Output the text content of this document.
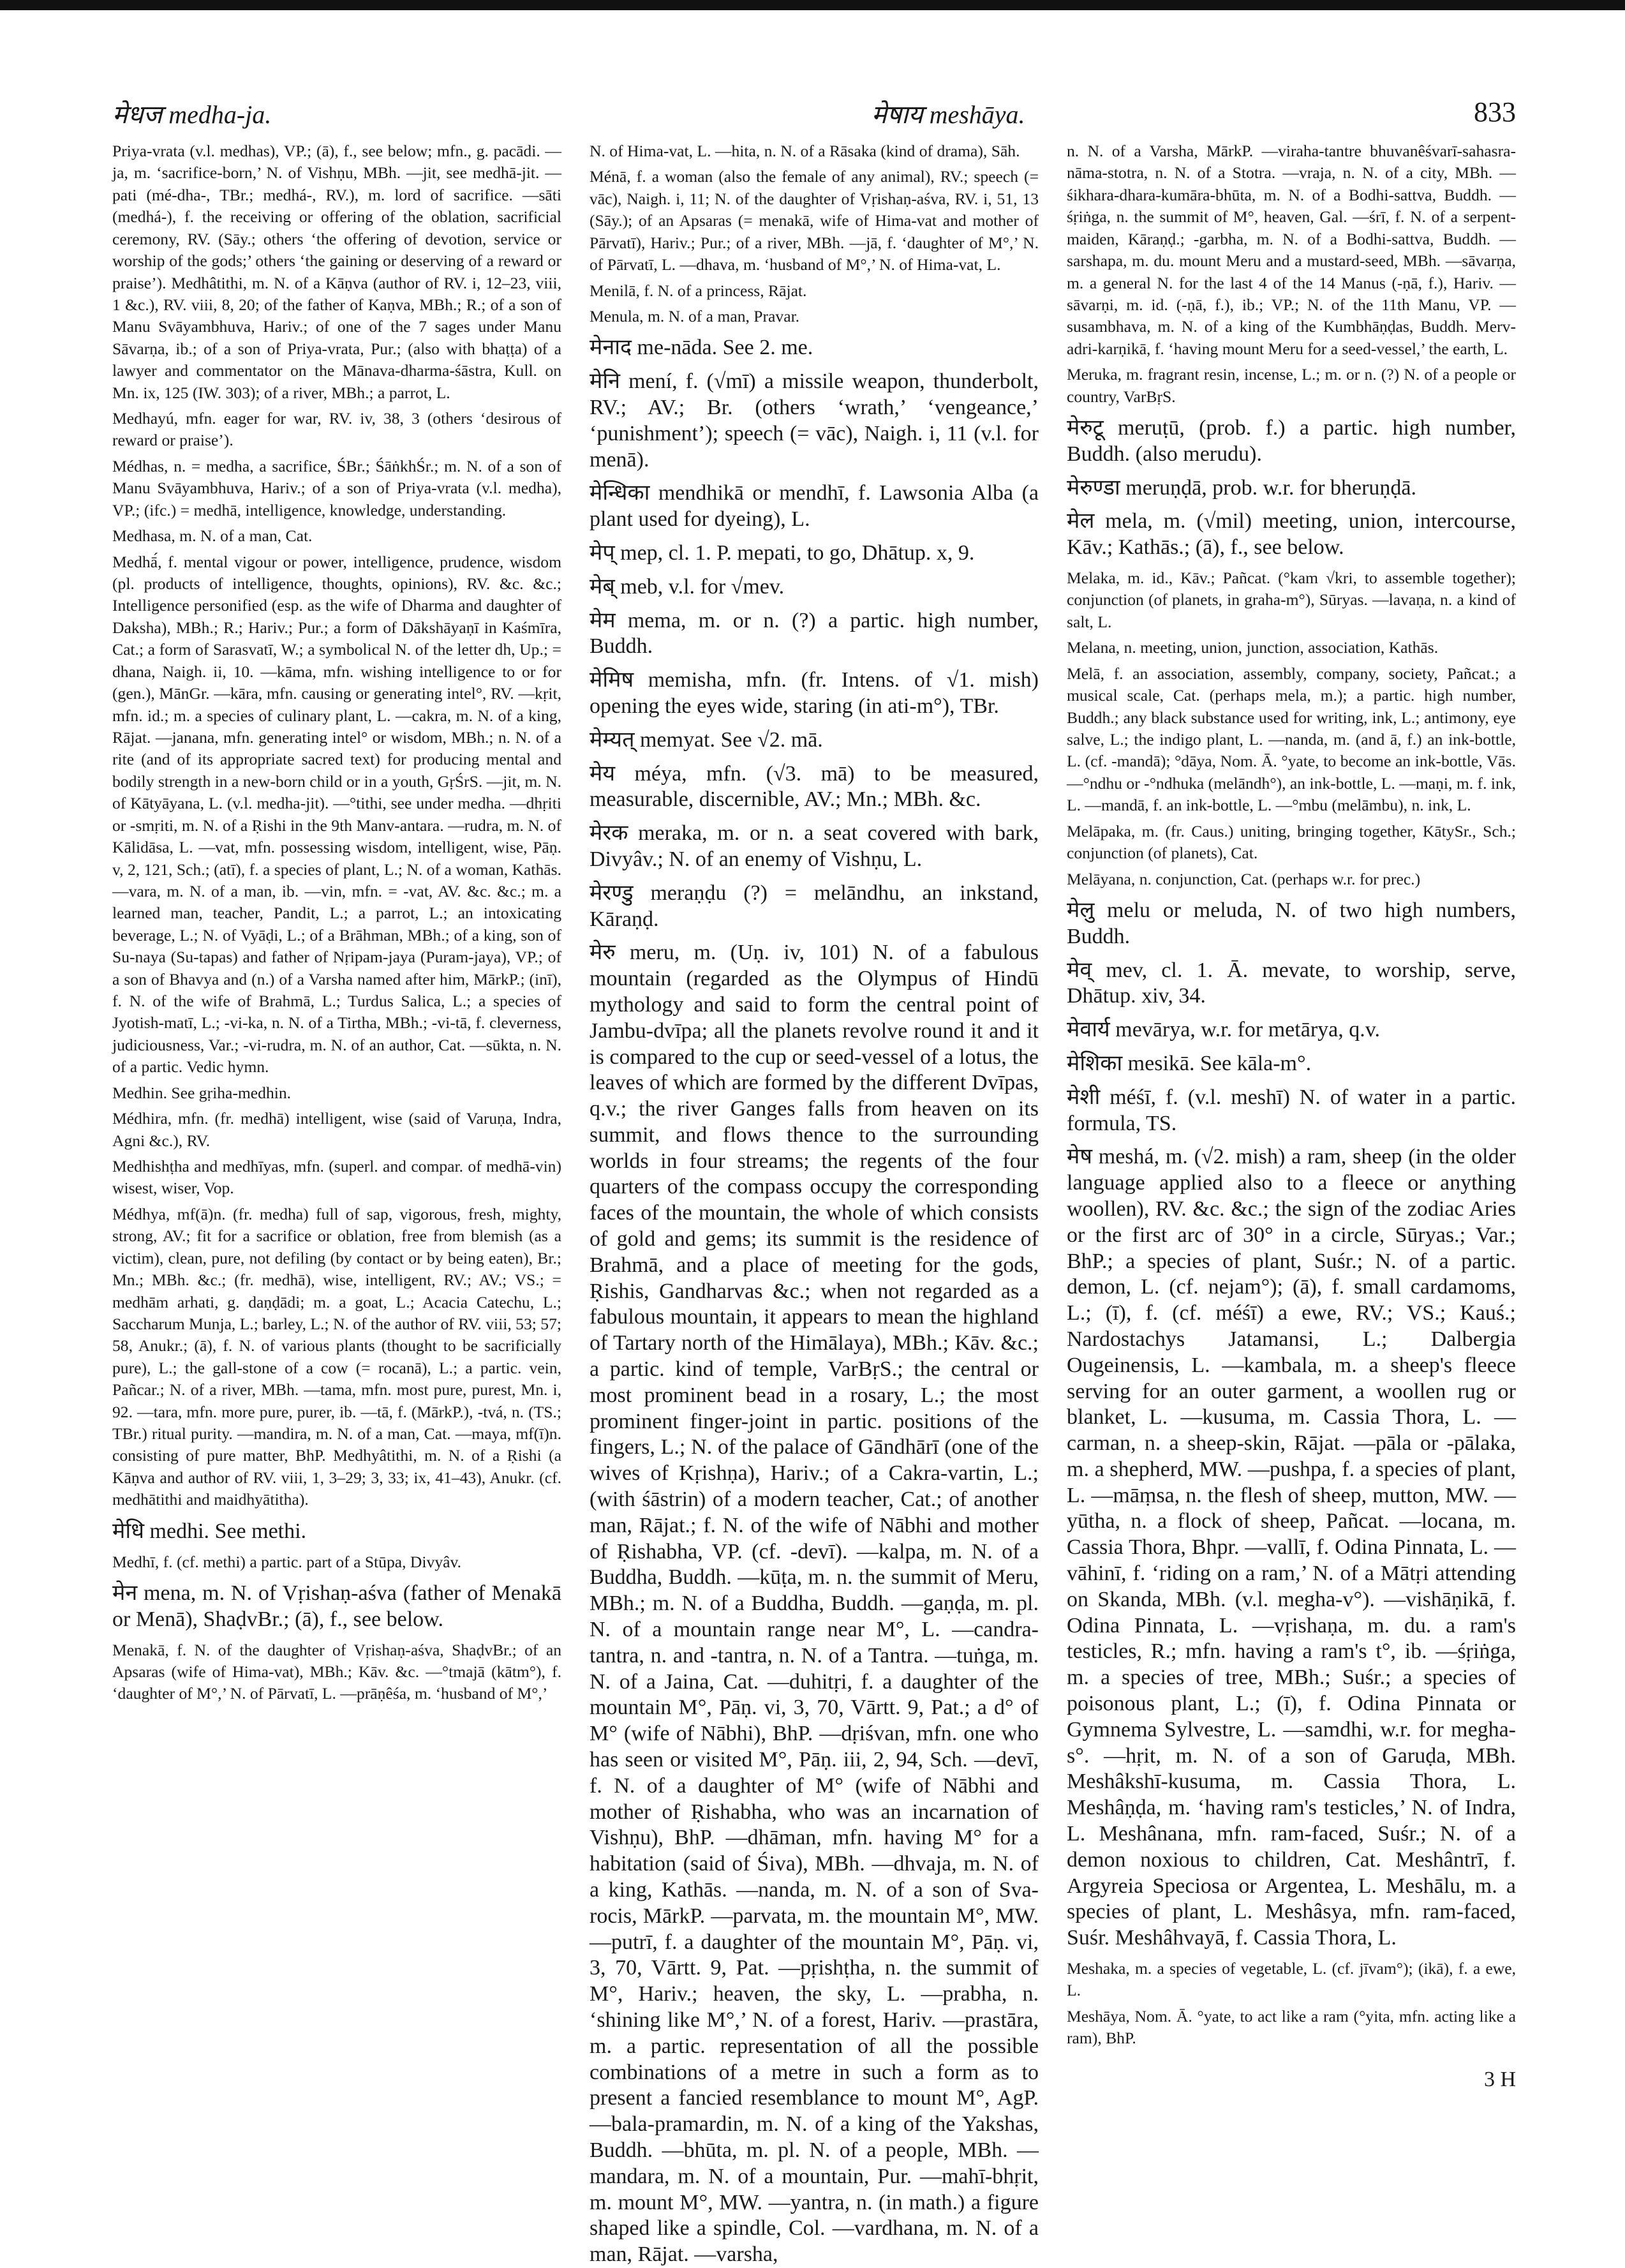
मेधज medha-ja.	मेषाय meshāya.	833

Priya-vrata (v.l. medhas), VP.; (ā), f., see below; mfn., g. pacādi. —ja, m. ‘sacrifice-born,’ N. of Vishṇu, MBh. —jit, see medhā-jit. —pati (mé-dha-, TBr.; medhá-, RV.), m. lord of sacrifice. —sāti (medhá-), f. the receiving or offering of the oblation, sacrificial ceremony, RV. (Sāy.; others ‘the offering of devotion, service or worship of the gods;’ others ‘the gaining or deserving of a reward or praise’). Medhâtithi, m. N. of a Kāṇva (author of RV. i, 12–23, viii, 1 &c.), RV. viii, 8, 20; of the father of Kaṇva, MBh.; R.; of a son of Manu Svāyambhuva, Hariv.; of one of the 7 sages under Manu Sāvarṇa, ib.; of a son of Priya-vrata, Pur.; (also with bhaṭṭa) of a lawyer and commentator on the Mānava-dharma-śāstra, Kull. on Mn. ix, 125 (IW. 303); of a river, MBh.; a parrot, L.

Medhayú, mfn. eager for war, RV. iv, 38, 3 (others ‘desirous of reward or praise’).

Médhas, n. = medha, a sacrifice, ŚBr.; ŚāṅkhŚr.; m. N. of a son of Manu Svāyambhuva, Hariv.; of a son of Priya-vrata (v.l. medha), VP.; (ifc.) = medhā, intelligence, knowledge, understanding.

Medhasa, m. N. of a man, Cat.

Medhā́, f. mental vigour or power, intelligence, prudence, wisdom (pl. products of intelligence, thoughts, opinions), RV. &c. &c.; Intelligence personified (esp. as the wife of Dharma and daughter of Daksha), MBh.; R.; Hariv.; Pur.; a form of Dākshāyaṇī in Kaśmīra, Cat.; a form of Sarasvatī, W.; a symbolical N. of the letter dh, Up.; = dhana, Naigh. ii, 10. —kāma, mfn. wishing intelligence to or for (gen.), MānGr. —kāra, mfn. causing or generating intel°, RV. —kṛit, mfn. id.; m. a species of culinary plant, L. —cakra, m. N. of a king, Rājat. —janana, mfn. generating intel° or wisdom, MBh.; n. N. of a rite (and of its appropriate sacred text) for producing mental and bodily strength in a new-born child or in a youth, GṛŚrS. —jit, m. N. of Kātyāyana, L. (v.l. medha-jit). —°tithi, see under medha. —dhṛiti or -smṛiti, m. N. of a Ṛishi in the 9th Manv-antara. —rudra, m. N. of Kālidāsa, L. —vat, mfn. possessing wisdom, intelligent, wise, Pāṇ. v, 2, 121, Sch.; (atī), f. a species of plant, L.; N. of a woman, Kathās. —vara, m. N. of a man, ib. —vin, mfn. = -vat, AV. &c. &c.; m. a learned man, teacher, Pandit, L.; a parrot, L.; an intoxicating beverage, L.; N. of Vyāḍi, L.; of a Brāhman, MBh.; of a king, son of Su-naya (Su-tapas) and father of Nṛipam-jaya (Puram-jaya), VP.; of a son of Bhavya and (n.) of a Varsha named after him, MārkP.; (inī), f. N. of the wife of Brahmā, L.; Turdus Salica, L.; a species of Jyotish-matī, L.; -vi-ka, n. N. of a Tirtha, MBh.; -vi-tā, f. cleverness, judiciousness, Var.; -vi-rudra, m. N. of an author, Cat. —sūkta, n. N. of a partic. Vedic hymn.

Medhin. See gṛiha-medhin.

Médhira, mfn. (fr. medhā) intelligent, wise (said of Varuṇa, Indra, Agni &c.), RV.

Medhishṭha and medhīyas, mfn. (superl. and compar. of medhā-vin) wisest, wiser, Vop.

Médhya, mf(ā)n. (fr. medha) full of sap, vigorous, fresh, mighty, strong, AV.; fit for a sacrifice or oblation, free from blemish (as a victim), clean, pure, not defiling (by contact or by being eaten), Br.; Mn.; MBh. &c.; (fr. medhā), wise, intelligent, RV.; AV.; VS.; = medhām arhati, g. daṇḍādi; m. a goat, L.; Acacia Catechu, L.; Saccharum Munja, L.; barley, L.; N. of the author of RV. viii, 53; 57; 58, Anukr.; (ā), f. N. of various plants (thought to be sacrificially pure), L.; the gall-stone of a cow (= rocanā), L.; a partic. vein, Pañcar.; N. of a river, MBh. —tama, mfn. most pure, purest, Mn. i, 92. —tara, mfn. more pure, purer, ib. —tā, f. (MārkP.), -tvá, n. (TS.; TBr.) ritual purity. —mandira, m. N. of a man, Cat. —maya, mf(ī)n. consisting of pure matter, BhP. Medhyâtithi, m. N. of a Ṛishi (a Kāṇva and author of RV. viii, 1, 3–29; 3, 33; ix, 41–43), Anukr. (cf. medhātithi and maidhyātitha).

मेधि medhi. See methi.

Medhī, f. (cf. methi) a partic. part of a Stūpa, Divyâv.

मेन mena, m. N. of Vṛishaṇ-aśva (father of Menakā or Menā), ShaḍvBr.; (ā), f., see below.

Menakā, f. N. of the daughter of Vṛishaṇ-aśva, ShaḍvBr.; of an Apsaras (wife of Hima-vat), MBh.; Kāv. &c. —°tmajā (kātm°), f. ‘daughter of M°,’ N. of Pārvatī, L. —prāṇêśa, m. ‘husband of M°,’

N. of Hima-vat, L. —hita, n. N. of a Rāsaka (kind of drama), Sāh.

Ménā, f. a woman (also the female of any animal), RV.; speech (= vāc), Naigh. i, 11; N. of the daughter of Vṛishaṇ-aśva, RV. i, 51, 13 (Sāy.); of an Apsaras (= menakā, wife of Hima-vat and mother of Pārvatī), Hariv.; Pur.; of a river, MBh. —jā, f. ‘daughter of M°,’ N. of Pārvatī, L. —dhava, m. ‘husband of M°,’ N. of Hima-vat, L.

Menilā, f. N. of a princess, Rājat.

Menula, m. N. of a man, Pravar.

मेनाद me-nāda. See 2. me.

मेनि mení, f. (√mī) a missile weapon, thunderbolt, RV.; AV.; Br. (others ‘wrath,’ ‘vengeance,’ ‘punishment’); speech (= vāc), Naigh. i, 11 (v.l. for menā).

मेन्धिका mendhikā or mendhī, f. Lawsonia Alba (a plant used for dyeing), L.

मेप् mep, cl. 1. P. mepati, to go, Dhātup. x, 9.

मेब् meb, v.l. for √mev.

मेम mema, m. or n. (?) a partic. high number, Buddh.

मेमिष memisha, mfn. (fr. Intens. of √1. mish) opening the eyes wide, staring (in ati-m°), TBr.

मेम्यत् memyat. See √2. mā.

मेय méya, mfn. (√3. mā) to be measured, measurable, discernible, AV.; Mn.; MBh. &c.

मेरक meraka, m. or n. a seat covered with bark, Divyâv.; N. of an enemy of Vishṇu, L.

मेरण्डु meraṇḍu (?) = melāndhu, an inkstand, Kāraṇḍ.

मेरु meru, m. (Uṇ. iv, 101) N. of a fabulous mountain (regarded as the Olympus of Hindū mythology and said to form the central point of Jambu-dvīpa; all the planets revolve round it and it is compared to the cup or seed-vessel of a lotus, the leaves of which are formed by the different Dvīpas, q.v.; the river Ganges falls from heaven on its summit, and flows thence to the surrounding worlds in four streams; the regents of the four quarters of the compass occupy the corresponding faces of the mountain, the whole of which consists of gold and gems; its summit is the residence of Brahmā, and a place of meeting for the gods, Ṛishis, Gandharvas &c.; when not regarded as a fabulous mountain, it appears to mean the highland of Tartary north of the Himālaya), MBh.; Kāv. &c.; a partic. kind of temple, VarBṛS.; the central or most prominent bead in a rosary, L.; the most prominent finger-joint in partic. positions of the fingers, L.; N. of the palace of Gāndhārī (one of the wives of Kṛishṇa), Hariv.; of a Cakra-vartin, L.; (with śāstrin) of a modern teacher, Cat.; of another man, Rājat.; f. N. of the wife of Nābhi and mother of Ṛishabha, VP. (cf. -devī). —kalpa, m. N. of a Buddha, Buddh. —kūṭa, m. n. the summit of Meru, MBh.; m. N. of a Buddha, Buddh. —gaṇḍa, m. pl. N. of a mountain range near M°, L. —candra-tantra, n. and -tantra, n. N. of a Tantra. —tuṅga, m. N. of a Jaina, Cat. —duhitṛi, f. a daughter of the mountain M°, Pāṇ. vi, 3, 70, Vārtt. 9, Pat.; a d° of M° (wife of Nābhi), BhP. —dṛiśvan, mfn. one who has seen or visited M°, Pāṇ. iii, 2, 94, Sch. —devī, f. N. of a daughter of M° (wife of Nābhi and mother of Ṛishabha, who was an incarnation of Vishṇu), BhP. —dhāman, mfn. having M° for a habitation (said of Śiva), MBh. —dhvaja, m. N. of a king, Kathās. —nanda, m. N. of a son of Sva-rocis, MārkP. —parvata, m. the mountain M°, MW. —putrī, f. a daughter of the mountain M°, Pāṇ. vi, 3, 70, Vārtt. 9, Pat. —pṛishṭha, n. the summit of M°, Hariv.; heaven, the sky, L. —prabha, n. ‘shining like M°,’ N. of a forest, Hariv. —prastāra, m. a partic. representation of all the possible combinations of a metre in such a form as to present a fancied resemblance to mount M°, AgP. —bala-pramardin, m. N. of a king of the Yakshas, Buddh. —bhūta, m. pl. N. of a people, MBh. —mandara, m. N. of a mountain, Pur. —mahī-bhṛit, m. mount M°, MW. —yantra, n. (in math.) a figure shaped like a spindle, Col. —vardhana, m. N. of a man, Rājat. —varsha,

n. N. of a Varsha, MārkP. —viraha-tantre bhuvanêśvarī-sahasra-nāma-stotra, n. N. of a Stotra. —vraja, n. N. of a city, MBh. —śikhara-dhara-kumāra-bhūta, m. N. of a Bodhi-sattva, Buddh. —śṛiṅga, n. the summit of M°, heaven, Gal. —śrī, f. N. of a serpent-maiden, Kāraṇḍ.; -garbha, m. N. of a Bodhi-sattva, Buddh. —sarshapa, m. du. mount Meru and a mustard-seed, MBh. —sāvarṇa, m. a general N. for the last 4 of the 14 Manus (-ṇā, f.), Hariv. —sāvarṇi, m. id. (-ṇā, f.), ib.; VP.; N. of the 11th Manu, VP. —susambhava, m. N. of a king of the Kumbhāṇḍas, Buddh. Merv-adri-karṇikā, f. ‘having mount Meru for a seed-vessel,’ the earth, L.

Meruka, m. fragrant resin, incense, L.; m. or n. (?) N. of a people or country, VarBṛS.

मेरुटू meruṭū, (prob. f.) a partic. high number, Buddh. (also merudu).

मेरुण्डा meruṇḍā, prob. w.r. for bheruṇḍā.

मेल mela, m. (√mil) meeting, union, intercourse, Kāv.; Kathās.; (ā), f., see below.

Melaka, m. id., Kāv.; Pañcat. (°kam √kri, to assemble together); conjunction (of planets, in graha-m°), Sūryas. —lavaṇa, n. a kind of salt, L.

Melana, n. meeting, union, junction, association, Kathās.

Melā, f. an association, assembly, company, society, Pañcat.; a musical scale, Cat. (perhaps mela, m.); a partic. high number, Buddh.; any black substance used for writing, ink, L.; antimony, eye salve, L.; the indigo plant, L. —nanda, m. (and ā, f.) an ink-bottle, L. (cf. -mandā); °dāya, Nom. Ā. °yate, to become an ink-bottle, Vās. —°ndhu or -°ndhuka (melāndh°), an ink-bottle, L. —maṇi, m. f. ink, L. —mandā, f. an ink-bottle, L. —°mbu (melāmbu), n. ink, L.

Melāpaka, m. (fr. Caus.) uniting, bringing together, KātySr., Sch.; conjunction (of planets), Cat.

Melāyana, n. conjunction, Cat. (perhaps w.r. for prec.)

मेलु melu or meluda, N. of two high numbers, Buddh.

मेव् mev, cl. 1. Ā. mevate, to worship, serve, Dhātup. xiv, 34.

मेवार्य mevārya, w.r. for metārya, q.v.

मेशिका mesikā. See kāla-m°.

मेशी méśī, f. (v.l. meshī) N. of water in a partic. formula, TS.

मेष meshá, m. (√2. mish) a ram, sheep (in the older language applied also to a fleece or anything woollen), RV. &c. &c.; the sign of the zodiac Aries or the first arc of 30° in a circle, Sūryas.; Var.; BhP.; a species of plant, Suśr.; N. of a partic. demon, L. (cf. nejam°); (ā), f. small cardamoms, L.; (ī), f. (cf. méśī) a ewe, RV.; VS.; Kauś.; Nardostachys Jatamansi, L.; Dalbergia Ougeinensis, L. —kambala, m. a sheep's fleece serving for an outer garment, a woollen rug or blanket, L. —kusuma, m. Cassia Thora, L. —carman, n. a sheep-skin, Rājat. —pāla or -pālaka, m. a shepherd, MW. —pushpa, f. a species of plant, L. —māṃsa, n. the flesh of sheep, mutton, MW. —yūtha, n. a flock of sheep, Pañcat. —locana, m. Cassia Thora, Bhpr. —vallī, f. Odina Pinnata, L. —vāhinī, f. ‘riding on a ram,’ N. of a Mātṛi attending on Skanda, MBh. (v.l. megha-v°). —vishāṇikā, f. Odina Pinnata, L. —vṛishaṇa, m. du. a ram's testicles, R.; mfn. having a ram's t°, ib. —śṛiṅga, m. a species of tree, MBh.; Suśr.; a species of poisonous plant, L.; (ī), f. Odina Pinnata or Gymnema Sylvestre, L. —samdhi, w.r. for megha-s°. —hṛit, m. N. of a son of Garuḍa, MBh. Meshâkshī-kusuma, m. Cassia Thora, L. Meshâṇḍa, m. ‘having ram's testicles,’ N. of Indra, L. Meshânana, mfn. ram-faced, Suśr.; N. of a demon noxious to children, Cat. Meshântrī, f. Argyreia Speciosa or Argentea, L. Meshālu, m. a species of plant, L. Meshâsya, mfn. ram-faced, Suśr. Meshâhvayā, f. Cassia Thora, L.

Meshaka, m. a species of vegetable, L. (cf. jīvam°); (ikā), f. a ewe, L.

Meshāya, Nom. Ā. °yate, to act like a ram (°yita, mfn. acting like a ram), BhP.

3 H
